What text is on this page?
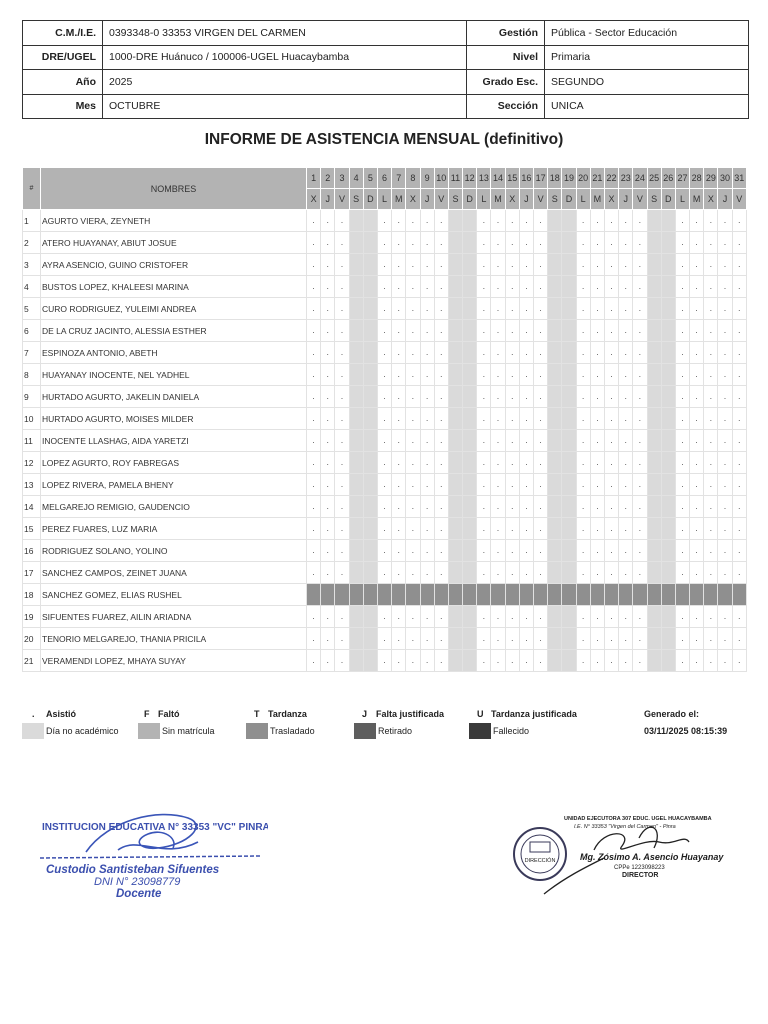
C.M./I.E.	0393348-0 33353 VIRGEN DEL CARMEN	Gestión	Pública - Sector Educación
DRE/UGEL	1000-DRE Huánuco / 100006-UGEL Huacaybamba	Nivel	Primaria
Año	2025	Grado Esc.	SEGUNDO
Mes	OCTUBRE	Sección	UNICA
INFORME DE ASISTENCIA MENSUAL (definitivo)
#	NOMBRES	1	2	3	4	5	6	7	8	9	10	11	12	13	14	15	16	17	18	19	20	21	22	23	24	25	26	27	28	29	30	31
		X	J	V	S	D	L	M	X	J	V	S	D	L	M	X	J	V	S	D	L	M	X	J	V	S	D	L	M	X	J	V
1	AGURTO VIERA, ZEYNETH	.	.	.			.	.	.	.	.			.	.	.	.	.			.	.	.	.	.			.	.	.	.	.
2	ATERO HUAYANAY, ABIUT JOSUE	.	.	.			.	.	.	.	.			.	.	.	.	.			.	.	.	.	.			.	.	.	.	.
3	AYRA ASENCIO, GUINO CRISTOFER	.	.	.			.	.	.	.	.			.	.	.	.	.			.	.	.	.	.			.	.	.	.	.
4	BUSTOS LOPEZ, KHALEESI MARINA	.	.	.			.	.	.	.	.			.	.	.	.	.			.	.	.	.	.			.	.	.	.	.
5	CURO RODRIGUEZ, YULEIMI ANDREA	.	.	.			.	.	.	.	.			.	.	.	.	.			.	.	.	.	.			.	.	.	.	.
6	DE LA CRUZ JACINTO, ALESSIA ESTHER	.	.	.			.	.	.	.	.			.	.	.	.	.			.	.	.	.	.			.	.	.	.	.
7	ESPINOZA ANTONIO, ABETH	.	.	.			.	.	.	.	.			.	.	.	.	.			.	.	.	.	.			.	.	.	.	.
8	HUAYANAY INOCENTE, NEL YADHEL	.	.	.			.	.	.	.	.			.	.	.	.	.			.	.	.	.	.			.	.	.	.	.
9	HURTADO AGURTO, JAKELIN DANIELA	.	.	.			.	.	.	.	.			.	.	.	.	.			.	.	.	.	.			.	.	.	.	.
10	HURTADO AGURTO, MOISES MILDER	.	.	.			.	.	.	.	.			.	.	.	.	.			.	.	.	.	.			.	.	.	.	.
11	INOCENTE LLASHAG, AIDA YARETZI	.	.	.			.	.	.	.	.			.	.	.	.	.			.	.	.	.	.			.	.	.	.	.
12	LOPEZ AGURTO, ROY FABREGAS	.	.	.			.	.	.	.	.			.	.	.	.	.			.	.	.	.	.			.	.	.	.	.
13	LOPEZ RIVERA, PAMELA BHENY	.	.	.			.	.	.	.	.			.	.	.	.	.			.	.	.	.	.			.	.	.	.	.
14	MELGAREJO REMIGIO, GAUDENCIO	.	.	.			.	.	.	.	.			.	.	.	.	.			.	.	.	.	.			.	.	.	.	.
15	PEREZ FUARES, LUZ MARIA	.	.	.			.	.	.	.	.			.	.	.	.	.			.	.	.	.	.			.	.	.	.	.
16	RODRIGUEZ SOLANO, YOLINO	.	.	.			.	.	.	.	.			.	.	.	.	.			.	.	.	.	.			.	.	.	.	.
17	SANCHEZ CAMPOS, ZEINET JUANA	.	.	.			.	.	.	.	.			.	.	.	.	.			.	.	.	.	.			.	.	.	.	.
18	SANCHEZ GOMEZ, ELIAS RUSHEL																															
19	SIFUENTES FUAREZ, AILIN ARIADNA	.	.	.			.	.	.	.	.			.	.	.	.	.			.	.	.	.	.			.	.	.	.	.
20	TENORIO MELGAREJO, THANIA PRICILA	.	.	.			.	.	.	.	.			.	.	.	.	.			.	.	.	.	.			.	.	.	.	.
21	VERAMENDI LOPEZ, MHAYA SUYAY	.	.	.			.	.	.	.	.			.	.	.	.	.			.	.	.	.	.			.	.	.	.	.
. Asistió	F Faltó	T Tardanza	J Falta justificada	U Tardanza justificada
Día no académico	Sin matrícula	Trasladado	Retirado	Fallecido
Generado el:
03/11/2025 08:15:39
INSTITUCION EDUCATIVA N° 33353 "VC" PINRA
Custodio Santisteban Sifuentes
DNI N° 23098779
Docente
DIRECCIÓN
UNIDAD EJECUTORA 307 EDUC. UGEL HUACAYBAMBA
I.E. N° 33353 "Virgen del Carmen" - Pinra
Mg. Zósimo A. Asencio Huayanay
CPPe 1223098223
DIRECTOR
